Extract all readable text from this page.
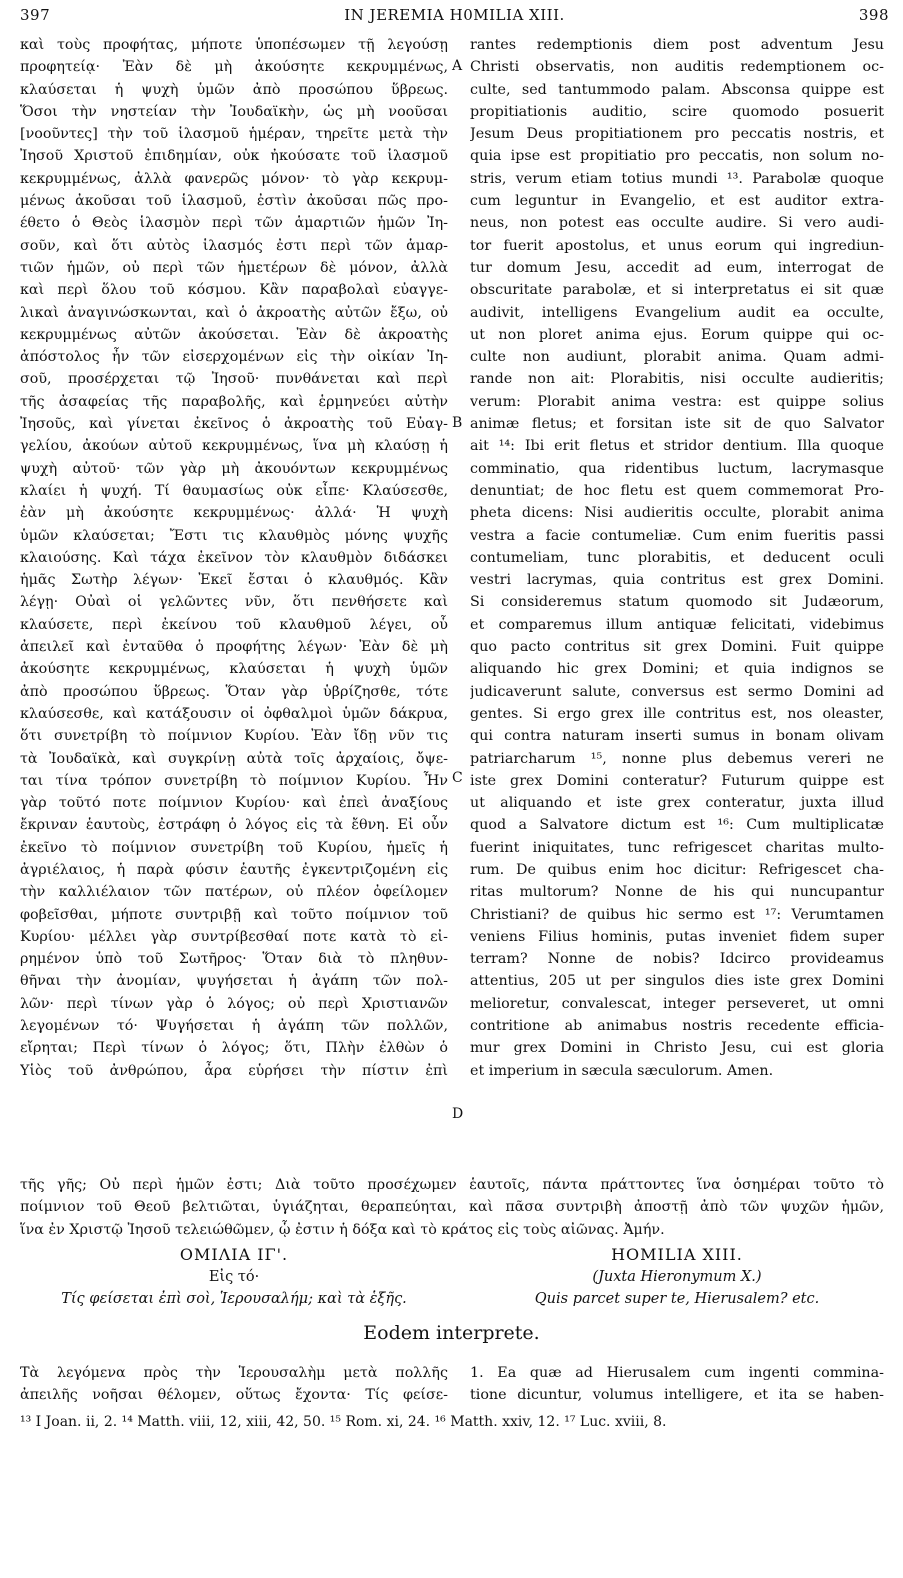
397	IN JEREMIA H0MILIA XIII.	398
καὶ τοὺς προφήτας, μήποτε ὑποπέσωμεν τῇ λεγούσῃ
προφητείᾳ· Ἐὰν δὲ μὴ ἀκούσητε κεκρυμμένως,
κλαύσεται ἡ ψυχὴ ὑμῶν ἀπὸ προσώπου ὕβρεως.
Ὅσοι τὴν νηστείαν τὴν Ἰουδαϊκὴν, ὡς μὴ νοοῦσαι
[νοοῦντες] τὴν τοῦ ἱλασμοῦ ἡμέραν, τηρεῖτε μετὰ τὴν
Ἰησοῦ Χριστοῦ ἐπιδημίαν, οὐκ ἠκούσατε τοῦ ἱλασμοῦ
κεκρυμμένως, ἀλλὰ φανερῶς μόνον· τὸ γὰρ κεκρυμ-
μένως ἀκοῦσαι τοῦ ἱλασμοῦ, ἐστὶν ἀκοῦσαι πῶς προ-
έθετο ὁ Θεὸς ἱλασμὸν περὶ τῶν ἁμαρτιῶν ἡμῶν Ἰη-
σοῦν, καὶ ὅτι αὐτὸς ἱλασμός ἐστι περὶ τῶν ἁμαρ-
τιῶν ἡμῶν, οὐ περὶ τῶν ἡμετέρων δὲ μόνον, ἀλλὰ
καὶ περὶ ὅλου τοῦ κόσμου. Κἂν παραβολαὶ εὐαγγε-
λικαὶ ἀναγινώσκωνται, καὶ ὁ ἀκροατὴς αὐτῶν ἔξω, οὐ
κεκρυμμένως αὐτῶν ἀκούσεται. Ἐὰν δὲ ἀκροατὴς
ἀπόστολος ἦν τῶν εἰσερχομένων εἰς τὴν οἰκίαν Ἰη-
σοῦ, προσέρχεται τῷ Ἰησοῦ· πυνθάνεται καὶ περὶ
τῆς ἀσαφείας τῆς παραβολῆς, καὶ ἑρμηνεύει αὐτὴν
Ἰησοῦς, καὶ γίνεται ἐκεῖνος ὁ ἀκροατὴς τοῦ Εὐαγ-
γελίου, ἀκούων αὐτοῦ κεκρυμμένως, ἵνα μὴ κλαύσῃ ἡ
ψυχὴ αὐτοῦ· τῶν γὰρ μὴ ἀκουόντων κεκρυμμένως
κλαίει ἡ ψυχή. Τί θαυμασίως οὐκ εἶπε· Κλαύσεσθε,
ἐὰν μὴ ἀκούσητε κεκρυμμένως· ἀλλά· Ἡ ψυχὴ
ὑμῶν κλαύσεται; Ἔστι τις κλαυθμὸς μόνης ψυχῆς
κλαιούσης. Καὶ τάχα ἐκεῖνον τὸν κλαυθμὸν διδάσκει
ἡμᾶς Σωτὴρ λέγων· Ἐκεῖ ἔσται ὁ κλαυθμός. Κἂν
λέγῃ· Οὐαὶ οἱ γελῶντες νῦν, ὅτι πενθήσετε καὶ
κλαύσετε, περὶ ἐκείνου τοῦ κλαυθμοῦ λέγει, οὗ
ἀπειλεῖ καὶ ἐνταῦθα ὁ προφήτης λέγων· Ἐὰν δὲ μὴ
ἀκούσητε κεκρυμμένως, κλαύσεται ἡ ψυχὴ ὑμῶν
ἀπὸ προσώπου ὕβρεως. Ὅταν γὰρ ὑβρίζησθε, τότε
κλαύσεσθε, καὶ κατάξουσιν οἱ ὀφθαλμοὶ ὑμῶν δάκρυα,
ὅτι συνετρίβη τὸ ποίμνιον Κυρίου. Ἐὰν ἴδῃ νῦν τις
τὰ Ἰουδαϊκὰ, καὶ συγκρίνῃ αὐτὰ τοῖς ἀρχαίοις, ὄψε-
ται τίνα τρόπον συνετρίβη τὸ ποίμνιον Κυρίου. Ἦν
γὰρ τοῦτό ποτε ποίμνιον Κυρίου· καὶ ἐπεὶ ἀναξίους
ἔκριναν ἑαυτοὺς, ἐστράφη ὁ λόγος εἰς τὰ ἔθνη. Εἰ οὖν
ἐκεῖνο τὸ ποίμνιον συνετρίβη τοῦ Κυρίου, ἡμεῖς ἡ
ἀγριέλαιος, ἡ παρὰ φύσιν ἑαυτῆς ἐγκεντριζομένη εἰς
τὴν καλλιέλαιον τῶν πατέρων, οὐ πλέον ὀφείλομεν
φοβεῖσθαι, μήποτε συντριβῇ καὶ τοῦτο ποίμνιον τοῦ
Κυρίου· μέλλει γὰρ συντρίβεσθαί ποτε κατὰ τὸ εἰ-
ρημένον ὑπὸ τοῦ Σωτῆρος· Ὅταν διὰ τὸ πληθυν-
θῆναι τὴν ἀνομίαν, ψυγήσεται ἡ ἀγάπη τῶν πολ-
λῶν· περὶ τίνων γὰρ ὁ λόγος; οὐ περὶ Χριστιανῶν
λεγομένων τό· Ψυγήσεται ἡ ἀγάπη τῶν πολλῶν,
εἴρηται; Περὶ τίνων ὁ λόγος; ὅτι, Πλὴν ἐλθὼν ὁ
Υἱὸς τοῦ ἀνθρώπου, ἆρα εὑρήσει τὴν πίστιν ἐπὶ
rantes redemptionis diem post adventum Jesu
Christi observatis, non auditis redemptionem oc-
culte, sed tantummodo palam. Absconsa quippe est
propitiationis auditio, scire quomodo posuerit
Jesum Deus propitiationem pro peccatis nostris, et
quia ipse est propitiatio pro peccatis, non solum no-
stris, verum etiam totius mundi ¹³. Parabolæ quoque
cum leguntur in Evangelio, et est auditor extra-
neus, non potest eas occulte audire. Si vero audi-
tor fuerit apostolus, et unus eorum qui ingrediun-
tur domum Jesu, accedit ad eum, interrogat de
obscuritate parabolæ, et si interpretatus ei sit quæ
audivit, intelligens Evangelium audit ea occulte,
ut non ploret anima ejus. Eorum quippe qui oc-
culte non audiunt, plorabit anima. Quam admi-
rande non ait: Plorabitis, nisi occulte audieritis;
verum: Plorabit anima vestra: est quippe solius
animæ fletus; et forsitan iste sit de quo Salvator
ait ¹⁴: Ibi erit fletus et stridor dentium. Illa quoque
comminatio, qua ridentibus luctum, lacrymasque
denuntiat; de hoc fletu est quem commemorat Pro-
pheta dicens: Nisi audieritis occulte, plorabit anima
vestra a facie contumeliæ. Cum enim fueritis passi
contumeliam, tunc plorabitis, et deducent oculi
vestri lacrymas, quia contritus est grex Domini.
Si consideremus statum quomodo sit Judæorum,
et comparemus illum antiquæ felicitati, videbimus
quo pacto contritus sit grex Domini. Fuit quippe
aliquando hic grex Domini; et quia indignos se
judicaverunt salute, conversus est sermo Domini ad
gentes. Si ergo grex ille contritus est, nos oleaster,
qui contra naturam inserti sumus in bonam olivam
patriarcharum ¹⁵, nonne plus debemus vereri ne
iste grex Domini conteratur? Futurum quippe est
ut aliquando et iste grex conteratur, juxta illud
quod a Salvatore dictum est ¹⁶: Cum multiplicatæ
fuerint iniquitates, tunc refrigescet charitas multo-
rum. De quibus enim hoc dicitur: Refrigescet cha-
ritas multorum? Nonne de his qui nuncupantur
Christiani? de quibus hic sermo est ¹⁷: Verumtamen
veniens Filius hominis, putas inveniet fidem super
terram? Nonne de nobis? Idcirco provideamus
attentius, 205 ut per singulos dies iste grex Domini
melioretur, convalescat, integer perseveret, ut omni
contritione ab animabus nostris recedente efficia-
mur grex Domini in Christo Jesu, cui est gloria
et imperium in sæcula sæculorum. Amen.
A
B
C
D
τῆς γῆς; Οὐ περὶ ἡμῶν ἐστι; Διὰ τοῦτο προσέχωμεν ἑαυτοῖς, πάντα πράττοντες ἵνα ὁσημέραι τοῦτο τὸ
ποίμνιον τοῦ Θεοῦ βελτιῶται, ὑγιάζηται, θεραπεύηται, καὶ πᾶσα συντριβὴ ἀποστῇ ἀπὸ τῶν ψυχῶν ἡμῶν,
ἵνα ἐν Χριστῷ Ἰησοῦ τελειώθῶμεν, ᾧ ἐστιν ἡ δόξα καὶ τὸ κράτος εἰς τοὺς αἰῶνας. Ἀμήν.
ΟΜΙΛΙΑ ΙΓ'.
Εἰς τό·
Τίς φείσεται ἐπὶ σοὶ, Ἱερουσαλήμ; καὶ τὰ ἑξῆς.
HOMILIA XIII.
(Juxta Hieronymum X.)
Quis parcet super te, Hierusalem? etc.
Eodem interprete.
Τὰ λεγόμενα πρὸς τὴν Ἱερουσαλὴμ μετὰ πολλῆς
ἀπειλῆς νοῆσαι θέλομεν, οὕτως ἔχοντα· Τίς φείσε-
1. Ea quæ ad Hierusalem cum ingenti commina-
tione dicuntur, volumus intelligere, et ita se haben-
¹³ I Joan. ii, 2. ¹⁴ Matth. viii, 12, xiii, 42, 50. ¹⁵ Rom. xi, 24. ¹⁶ Matth. xxiv, 12. ¹⁷ Luc. xviii, 8.
